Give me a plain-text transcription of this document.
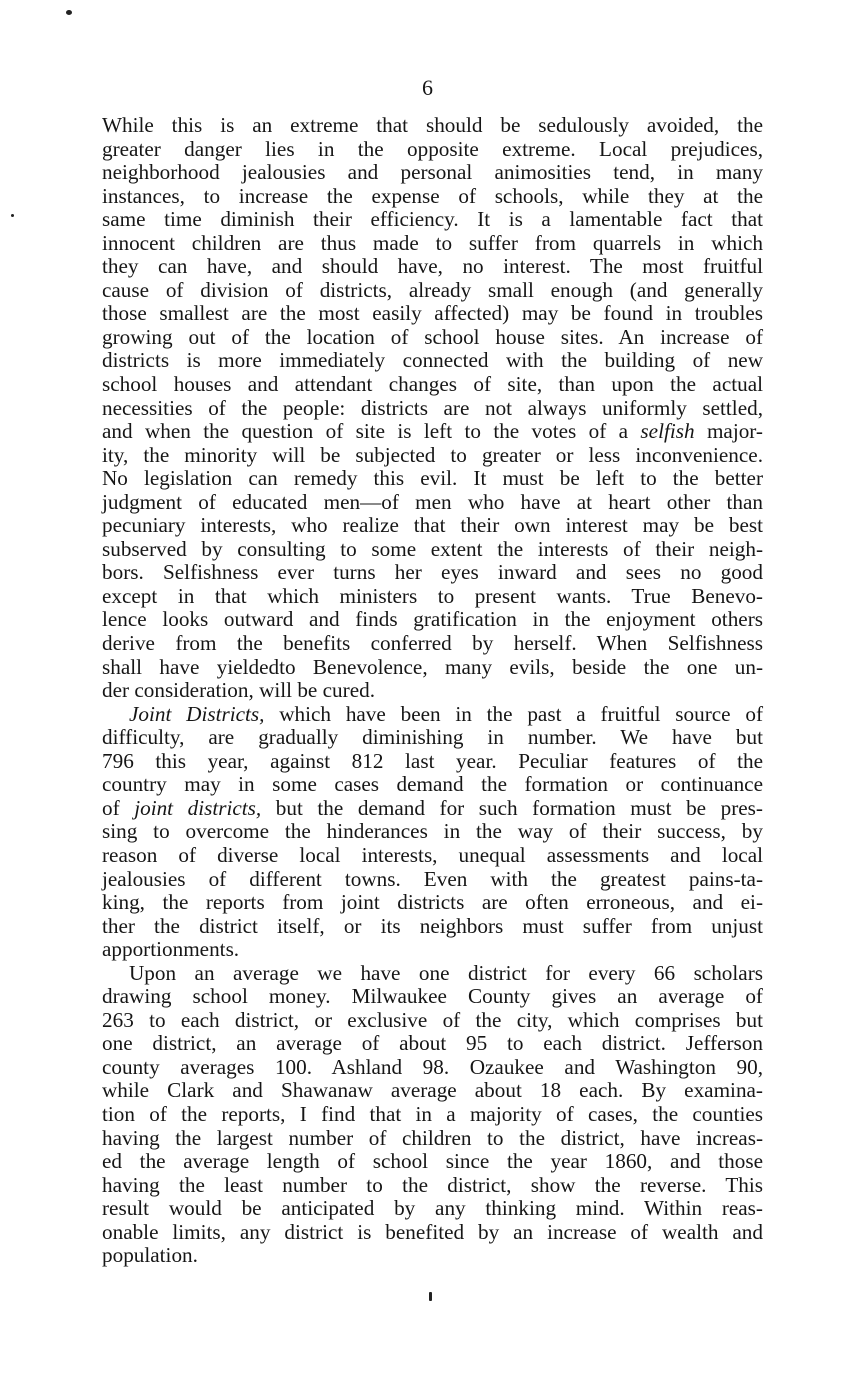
6
While this is an extreme that should be sedulously avoided, the
greater danger lies in the opposite extreme. Local prejudices,
neighborhood jealousies and personal animosities tend, in many
instances, to increase the expense of schools, while they at the
same time diminish their efficiency. It is a lamentable fact that
innocent children are thus made to suffer from quarrels in which
they can have, and should have, no interest. The most fruitful
cause of division of districts, already small enough (and generally
those smallest are the most easily affected) may be found in troubles
growing out of the location of school house sites. An increase of
districts is more immediately connected with the building of new
school houses and attendant changes of site, than upon the actual
necessities of the people: districts are not always uniformly settled,
and when the question of site is left to the votes of a selfish major-
ity, the minority will be subjected to greater or less inconvenience.
No legislation can remedy this evil. It must be left to the better
judgment of educated men—of men who have at heart other than
pecuniary interests, who realize that their own interest may be best
subserved by consulting to some extent the interests of their neigh-
bors. Selfishness ever turns her eyes inward and sees no good
except in that which ministers to present wants. True Benevo-
lence looks outward and finds gratification in the enjoyment others
derive from the benefits conferred by herself. When Selfishness
shall have yieldedto Benevolence, many evils, beside the one un-
der consideration, will be cured.
Joint Districts, which have been in the past a fruitful source of
difficulty, are gradually diminishing in number. We have but
796 this year, against 812 last year. Peculiar features of the
country may in some cases demand the formation or continuance
of joint districts, but the demand for such formation must be pres-
sing to overcome the hinderances in the way of their success, by
reason of diverse local interests, unequal assessments and local
jealousies of different towns. Even with the greatest pains-ta-
king, the reports from joint districts are often erroneous, and ei-
ther the district itself, or its neighbors must suffer from unjust
apportionments.
Upon an average we have one district for every 66 scholars
drawing school money. Milwaukee County gives an average of
263 to each district, or exclusive of the city, which comprises but
one district, an average of about 95 to each district. Jefferson
county averages 100. Ashland 98. Ozaukee and Washington 90,
while Clark and Shawanaw average about 18 each. By examina-
tion of the reports, I find that in a majority of cases, the counties
having the largest number of children to the district, have increas-
ed the average length of school since the year 1860, and those
having the least number to the district, show the reverse. This
result would be anticipated by any thinking mind. Within reas-
onable limits, any district is benefited by an increase of wealth and
population.
